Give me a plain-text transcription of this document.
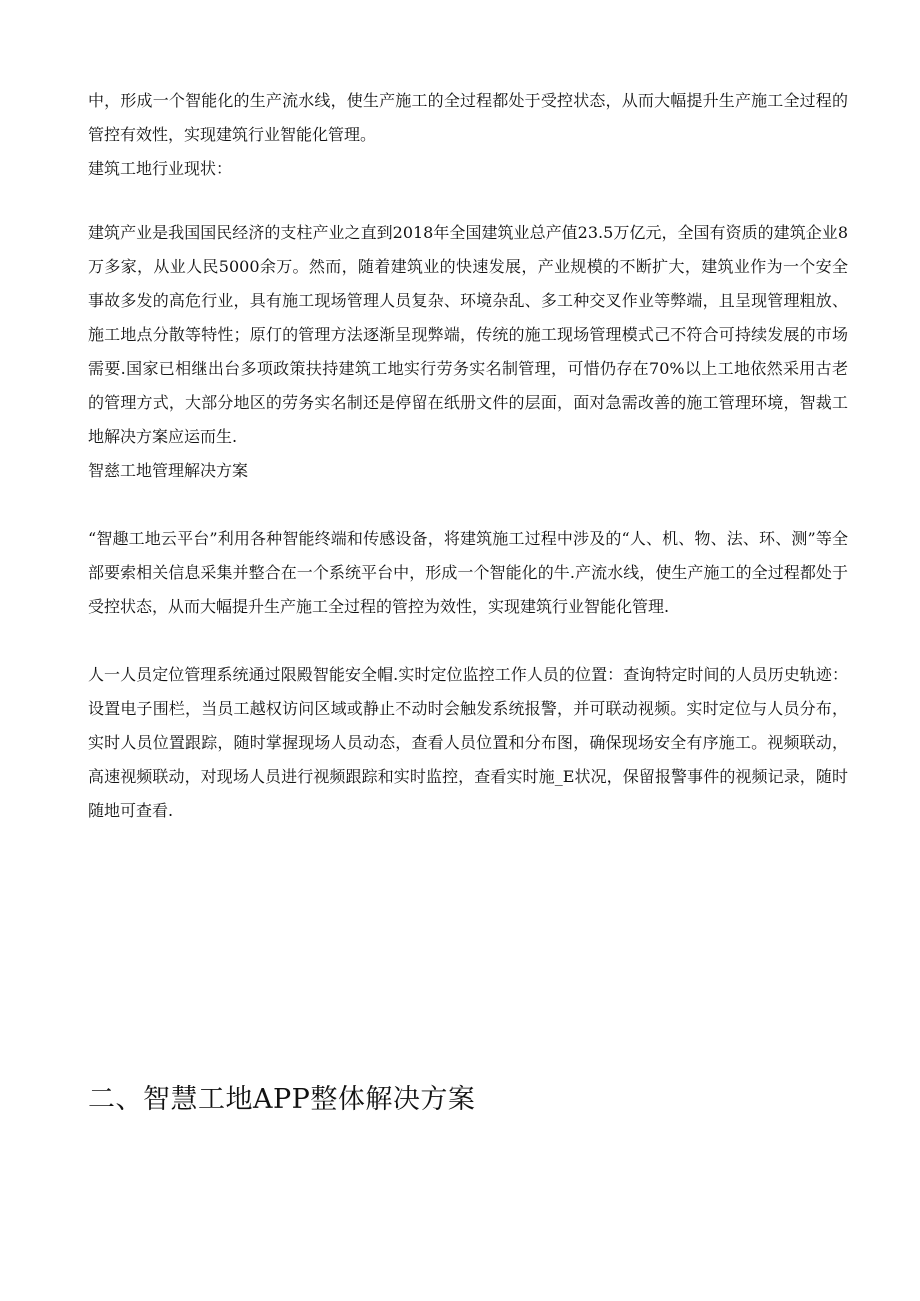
中，形成一个智能化的生产流水线，使生产施工的全过程都处于受控状态，从而大幅提升生产施工全过程的管控有效性，实现建筑行业智能化管理。

建筑工地行业现状：

建筑产业是我国国民经济的支柱产业之直到2018年全国建筑业总产值23.5万亿元，全国有资质的建筑企业8万多家，从业人民5000余万。然而，随着建筑业的快速发展，产业规模的不断扩大，建筑业作为一个安全事故多发的高危行业，具有施工现场管理人员复杂、环境杂乱、多工种交叉作业等弊端，且呈现管理粗放、施工地点分散等特性；原仃的管理方法逐渐呈现弊端，传统的施工现场管理模式己不符合可持续发展的市场需要.国家已相继出台多项政策扶持建筑工地实行劳务实名制管理，可惜仍存在70%以上工地依然采用古老的管理方式，大部分地区的劳务实名制还是停留在纸册文件的层面，面对急需改善的施工管理环境，智裁工地解决方案应运而生.

智慈工地管理解决方案

“智趣工地云平台”利用各种智能终端和传感设备，将建筑施工过程中涉及的“人、机、物、法、环、测”等全部要索相关信息采集并整合在一个系统平台中，形成一个智能化的牛.产流水线，使生产施工的全过程都处于受控状态，从而大幅提升生产施工全过程的管控为效性，实现建筑行业智能化管理.

人一人员定位管理系统通过限殿智能安全帽.实时定位监控工作人员的位置：查询特定时间的人员历史轨迹：设置电子围栏，当员工越权访问区域或静止不动时会触发系统报警，并可联动视频。实时定位与人员分布，实时人员位置跟踪，随时掌握现场人员动态，查看人员位置和分布图，确保现场安全有序施工。视频联动，高速视频联动，对现场人员进行视频跟踪和实时监控，查看实时施_E状况，保留报警事件的视频记录，随时随地可查看.

二、智慧工地APP整体解决方案
